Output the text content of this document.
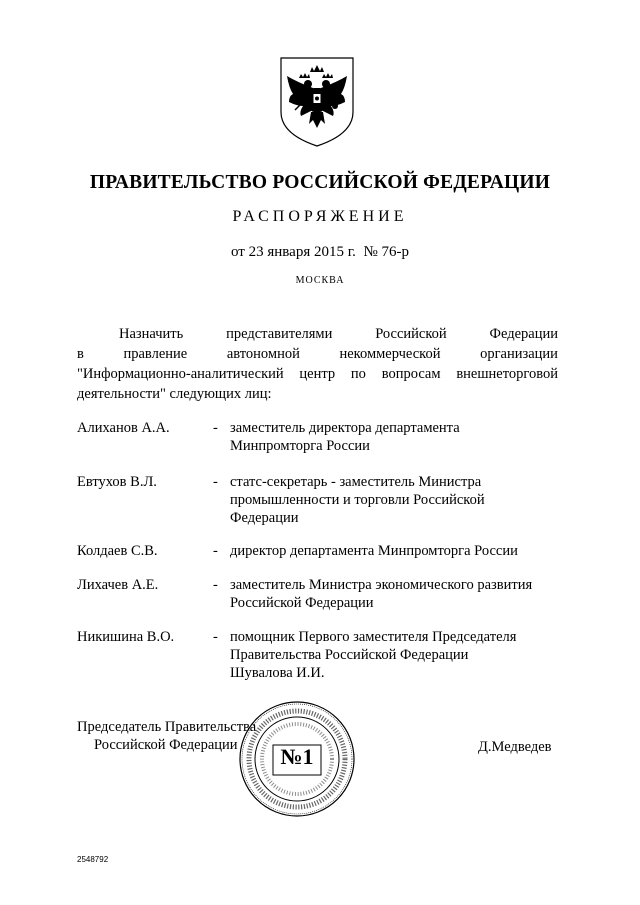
ПРАВИТЕЛЬСТВО РОССИЙСКОЙ ФЕДЕРАЦИИ
РАСПОРЯЖЕНИЕ
от 23 января 2015 г. № 76-р
МОСКВА
Назначить	представителями	Российской	Федерации
в	правление	автономной	некоммерческой	организации
"Информационно-аналитический центр по вопросам внешнеторговой
деятельности" следующих лиц:
Алиханов А.А.	- заместитель директора департамента
Минпромторга России
Евтухов В.Л.	- статс-секретарь - заместитель Министра
промышленности и торговли Российской
Федерации
Колдаев С.В.	- директор департамента Минпромторга России
Лихачев А.Е.	- заместитель Министра экономического развития
Российской Федерации
Никишина В.О.	- помощник Первого заместителя Председателя
Правительства Российской Федерации
Шувалова И.И.
Председатель Правительства
Российской Федерации	№1	Д.Медведев
2548792
